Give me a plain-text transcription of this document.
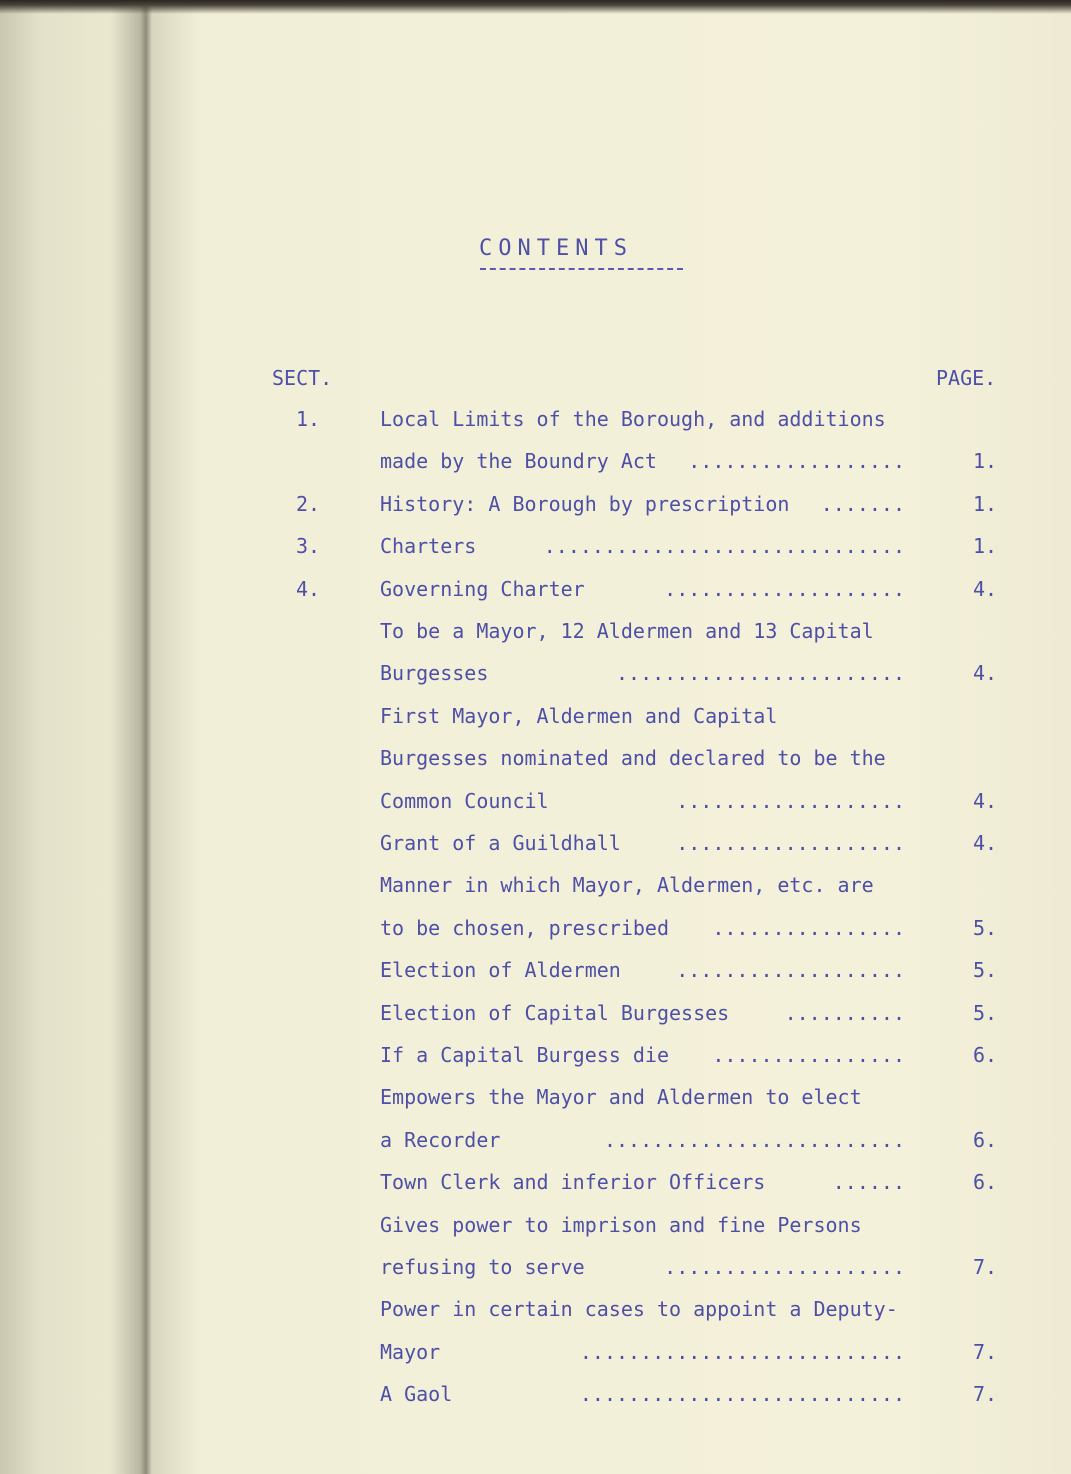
CONTENTS
SECT.	PAGE.
1.	Local Limits of the Borough, and additions
made by the Boundry Act ..................	1.
2.	History: A Borough by prescription .......	1.
3.	Charters	..............................	1.
4.	Governing Charter	....................	4.
To be a Mayor, 12 Aldermen and 13 Capital
Burgesses	........................	4.
First Mayor, Aldermen and Capital
Burgesses nominated and declared to be the
Common Council	...................	4.
Grant of a Guildhall	...................	4.
Manner in which Mayor, Aldermen, etc. are
to be chosen, prescribed ................	5.
Election of Aldermen	...................	5.
Election of Capital Burgesses	..........	5.
If a Capital Burgess die ................	6.
Empowers the Mayor and Aldermen to elect
a Recorder	.........................	6.
Town Clerk and inferior Officers	......	6.
Gives power to imprison and fine Persons
refusing to serve	....................	7.
Power in certain cases to appoint a Deputy-
Mayor	...........................	7.
A Gaol	...........................	7.
